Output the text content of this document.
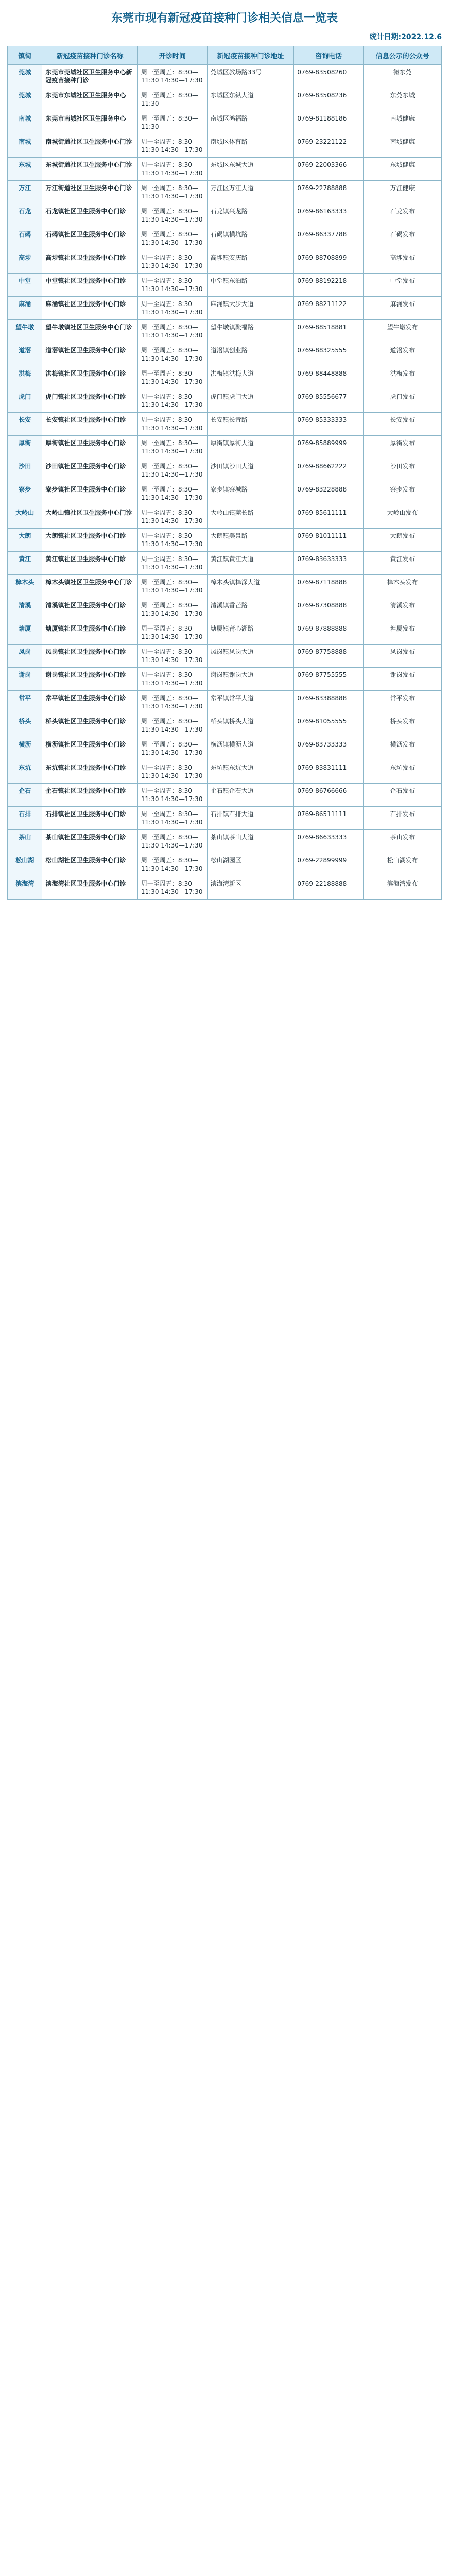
东莞市现有新冠疫苗接种门诊相关信息一览表
统计日期:2022.12.6
镇街	新冠疫苗接种门诊名称	开诊时间	新冠疫苗接种门诊地址	咨询电话	信息公示的公众号
莞城	东莞市莞城社区卫生服务中心新冠疫苗接种门诊	周一至周五：8:30—11:30 14:30—17:30	莞城区教场路33号	0769-83508260	微东莞
莞城	东莞市东城社区卫生服务中心	周一至周五：8:30—11:30	东城区东纵大道	0769-83508236	东莞东城
南城	东莞市南城社区卫生服务中心	周一至周五：8:30—11:30	南城区鸿福路	0769-81188186	南城健康
南城	南城街道社区卫生服务中心门诊	周一至周五：8:30—11:30 14:30—17:30	南城区体育路	0769-23221122	南城健康
东城	东城街道社区卫生服务中心门诊	周一至周五：8:30—11:30 14:30—17:30	东城区东城大道	0769-22003366	东城健康
万江	万江街道社区卫生服务中心门诊	周一至周五：8:30—11:30 14:30—17:30	万江区万江大道	0769-22788888	万江健康
石龙	石龙镇社区卫生服务中心门诊	周一至周五：8:30—11:30 14:30—17:30	石龙镇兴龙路	0769-86163333	石龙发布
石碣	石碣镇社区卫生服务中心门诊	周一至周五：8:30—11:30 14:30—17:30	石碣镇横坑路	0769-86337788	石碣发布
高埗	高埗镇社区卫生服务中心门诊	周一至周五：8:30—11:30 14:30—17:30	高埗镇安庆路	0769-88708899	高埗发布
中堂	中堂镇社区卫生服务中心门诊	周一至周五：8:30—11:30 14:30—17:30	中堂镇东泊路	0769-88192218	中堂发布
麻涌	麻涌镇社区卫生服务中心门诊	周一至周五：8:30—11:30 14:30—17:30	麻涌镇大步大道	0769-88211122	麻涌发布
望牛墩	望牛墩镇社区卫生服务中心门诊	周一至周五：8:30—11:30 14:30—17:30	望牛墩镇聚福路	0769-88518881	望牛墩发布
道滘	道滘镇社区卫生服务中心门诊	周一至周五：8:30—11:30 14:30—17:30	道滘镇创业路	0769-88325555	道滘发布
洪梅	洪梅镇社区卫生服务中心门诊	周一至周五：8:30—11:30 14:30—17:30	洪梅镇洪梅大道	0769-88448888	洪梅发布
虎门	虎门镇社区卫生服务中心门诊	周一至周五：8:30—11:30 14:30—17:30	虎门镇虎门大道	0769-85556677	虎门发布
长安	长安镇社区卫生服务中心门诊	周一至周五：8:30—11:30 14:30—17:30	长安镇长青路	0769-85333333	长安发布
厚街	厚街镇社区卫生服务中心门诊	周一至周五：8:30—11:30 14:30—17:30	厚街镇厚街大道	0769-85889999	厚街发布
沙田	沙田镇社区卫生服务中心门诊	周一至周五：8:30—11:30 14:30—17:30	沙田镇沙田大道	0769-88662222	沙田发布
寮步	寮步镇社区卫生服务中心门诊	周一至周五：8:30—11:30 14:30—17:30	寮步镇寮城路	0769-83228888	寮步发布
大岭山	大岭山镇社区卫生服务中心门诊	周一至周五：8:30—11:30 14:30—17:30	大岭山镇莞长路	0769-85611111	大岭山发布
大朗	大朗镇社区卫生服务中心门诊	周一至周五：8:30—11:30 14:30—17:30	大朗镇美景路	0769-81011111	大朗发布
黄江	黄江镇社区卫生服务中心门诊	周一至周五：8:30—11:30 14:30—17:30	黄江镇黄江大道	0769-83633333	黄江发布
樟木头	樟木头镇社区卫生服务中心门诊	周一至周五：8:30—11:30 14:30—17:30	樟木头镇樟深大道	0769-87118888	樟木头发布
清溪	清溪镇社区卫生服务中心门诊	周一至周五：8:30—11:30 14:30—17:30	清溪镇香芒路	0769-87308888	清溪发布
塘厦	塘厦镇社区卫生服务中心门诊	周一至周五：8:30—11:30 14:30—17:30	塘厦镇莆心湖路	0769-87888888	塘厦发布
凤岗	凤岗镇社区卫生服务中心门诊	周一至周五：8:30—11:30 14:30—17:30	凤岗镇凤岗大道	0769-87758888	凤岗发布
谢岗	谢岗镇社区卫生服务中心门诊	周一至周五：8:30—11:30 14:30—17:30	谢岗镇谢岗大道	0769-87755555	谢岗发布
常平	常平镇社区卫生服务中心门诊	周一至周五：8:30—11:30 14:30—17:30	常平镇常平大道	0769-83388888	常平发布
桥头	桥头镇社区卫生服务中心门诊	周一至周五：8:30—11:30 14:30—17:30	桥头镇桥头大道	0769-81055555	桥头发布
横沥	横沥镇社区卫生服务中心门诊	周一至周五：8:30—11:30 14:30—17:30	横沥镇横沥大道	0769-83733333	横沥发布
东坑	东坑镇社区卫生服务中心门诊	周一至周五：8:30—11:30 14:30—17:30	东坑镇东坑大道	0769-83831111	东坑发布
企石	企石镇社区卫生服务中心门诊	周一至周五：8:30—11:30 14:30—17:30	企石镇企石大道	0769-86766666	企石发布
石排	石排镇社区卫生服务中心门诊	周一至周五：8:30—11:30 14:30—17:30	石排镇石排大道	0769-86511111	石排发布
茶山	茶山镇社区卫生服务中心门诊	周一至周五：8:30—11:30 14:30—17:30	茶山镇茶山大道	0769-86633333	茶山发布
松山湖	松山湖社区卫生服务中心门诊	周一至周五：8:30—11:30 14:30—17:30	松山湖园区	0769-22899999	松山湖发布
滨海湾	滨海湾社区卫生服务中心门诊	周一至周五：8:30—11:30 14:30—17:30	滨海湾新区	0769-22188888	滨海湾发布
